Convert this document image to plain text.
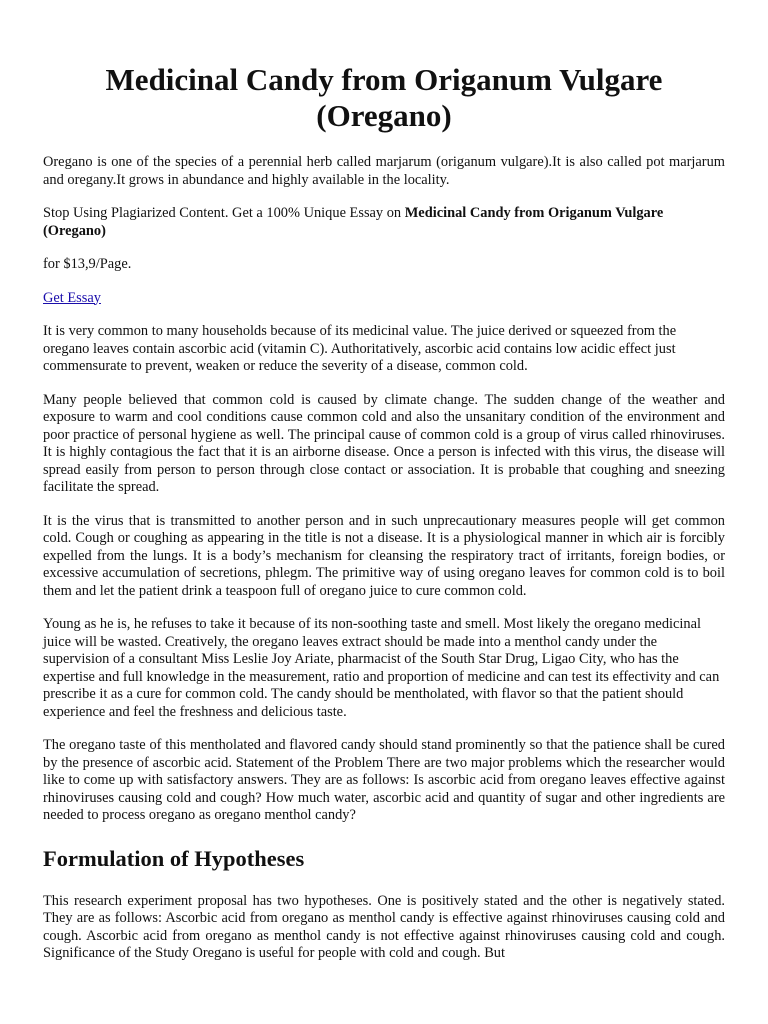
Medicinal Candy from Origanum Vulgare (Oregano)

Oregano is one of the species of a perennial herb called marjarum (origanum vulgare).It is also called pot marjarum and oregany.It grows in abundance and highly available in the locality.

Stop Using Plagiarized Content. Get a 100% Unique Essay on Medicinal Candy from Origanum Vulgare (Oregano)

for $13,9/Page.

Get Essay

It is very common to many households because of its medicinal value. The juice derived or squeezed from the oregano leaves contain ascorbic acid (vitamin C). Authoritatively, ascorbic acid contains low acidic effect just commensurate to prevent, weaken or reduce the severity of a disease, common cold.

Many people believed that common cold is caused by climate change. The sudden change of the weather and exposure to warm and cool conditions cause common cold and also the unsanitary condition of the environment and poor practice of personal hygiene as well. The principal cause of common cold is a group of virus called rhinoviruses. It is highly contagious the fact that it is an airborne disease. Once a person is infected with this virus, the disease will spread easily from person to person through close contact or association. It is probable that coughing and sneezing facilitate the spread.

It is the virus that is transmitted to another person and in such unprecautionary measures people will get common cold. Cough or coughing as appearing in the title is not a disease. It is a physiological manner in which air is forcibly expelled from the lungs. It is a body’s mechanism for cleansing the respiratory tract of irritants, foreign bodies, or excessive accumulation of secretions, phlegm. The primitive way of using oregano leaves for common cold is to boil them and let the patient drink a teaspoon full of oregano juice to cure common cold.

Young as he is, he refuses to take it because of its non-soothing taste and smell. Most likely the oregano medicinal juice will be wasted. Creatively, the oregano leaves extract should be made into a menthol candy under the supervision of a consultant Miss Leslie Joy Ariate, pharmacist of the South Star Drug, Ligao City, who has the expertise and full knowledge in the measurement, ratio and proportion of medicine and can test its effectivity and can prescribe it as a cure for common cold. The candy should be mentholated, with flavor so that the patient should experience and feel the freshness and delicious taste.

The oregano taste of this mentholated and flavored candy should stand prominently so that the patience shall be cured by the presence of ascorbic acid. Statement of the Problem There are two major problems which the researcher would like to come up with satisfactory answers. They are as follows: Is ascorbic acid from oregano leaves effective against rhinoviruses causing cold and cough? How much water, ascorbic acid and quantity of sugar and other ingredients are needed to process oregano as oregano menthol candy?

Formulation of Hypotheses

This research experiment proposal has two hypotheses. One is positively stated and the other is negatively stated. They are as follows: Ascorbic acid from oregano as menthol candy is effective against rhinoviruses causing cold and cough. Ascorbic acid from oregano as menthol candy is not effective against rhinoviruses causing cold and cough. Significance of the Study Oregano is useful for people with cold and cough. But
